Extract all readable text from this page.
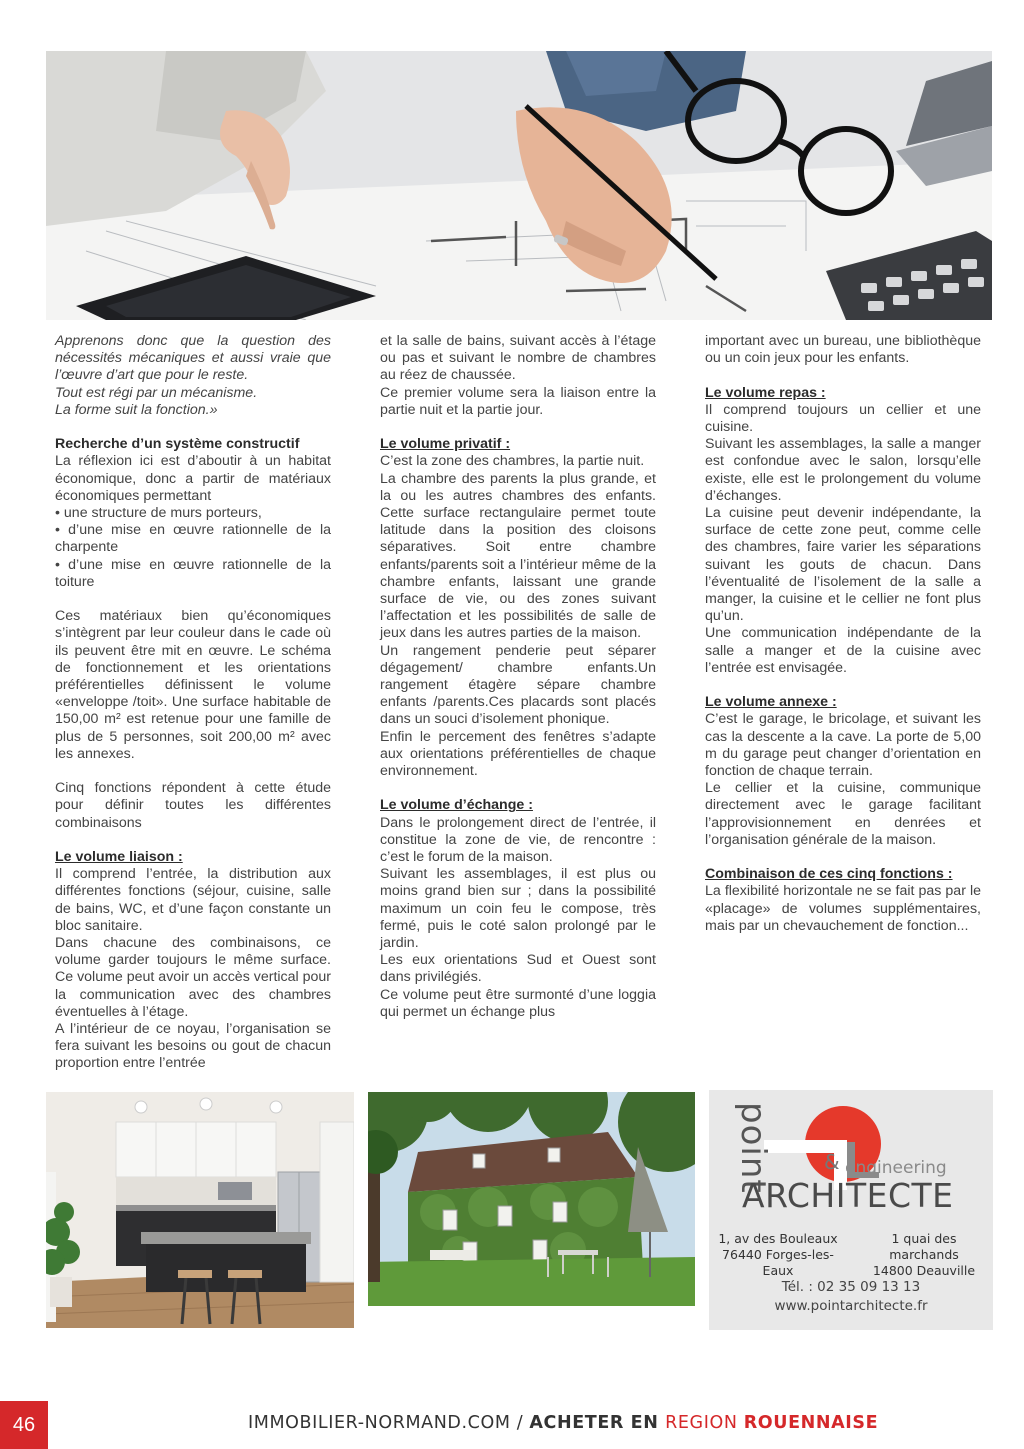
Apprenons donc que la question des nécessités mécaniques et aussi vraie que l’œuvre d’art que pour le reste.

Tout est régi par un mécanisme.

La forme suit la fonction.»

Recherche d’un système constructif

La réflexion ici est d’aboutir à un habitat économique, donc a partir de matériaux économiques permettant

• une structure de murs porteurs,

• d’une mise en œuvre rationnelle de la charpente

• d’une mise en œuvre rationnelle de la toiture

Ces matériaux bien qu’économiques s’intègrent par leur couleur dans le cade où ils peuvent être mit en œuvre. Le schéma de fonctionnement et les orientations préférentielles définissent le volume «enveloppe /toit». Une surface habitable de 150,00 m² est retenue pour une famille de plus de 5 personnes, soit 200,00 m² avec les annexes.

Cinq fonctions répondent à cette étude pour définir toutes les différentes combinaisons

Le volume liaison :

Il comprend l’entrée, la distribution aux différentes fonctions (séjour, cuisine, salle de bains, WC, et d’une façon constante un bloc sanitaire.

Dans chacune des combinaisons, ce volume garder toujours le même surface. Ce volume peut avoir un accès vertical pour la communication avec des chambres éventuelles à l’étage.

A l’intérieur de ce noyau, l’organisation se fera suivant les besoins ou gout de chacun proportion entre l’entrée

et la salle de bains, suivant accès à l’étage ou pas et suivant le nombre de chambres au réez de chaussée.

Ce premier volume sera la liaison entre la partie nuit et la partie jour.

Le volume privatif :

C’est la zone des chambres, la partie nuit.

La chambre des parents la plus grande, et la ou les autres chambres des enfants. Cette surface rectangulaire permet toute latitude dans la position des cloisons séparatives. Soit entre chambre enfants/parents soit a l’intérieur même de la chambre enfants, laissant une grande surface de vie, ou des zones suivant l’affectation et les possibilités de salle de jeux dans les autres parties de la maison.

Un rangement penderie peut séparer dégagement/ chambre enfants.Un rangement étagère sépare chambre enfants /parents.Ces placards sont placés dans un souci d’isolement phonique.

Enfin le percement des fenêtres s’adapte aux orientations préférentielles de chaque environnement.

Le volume d’échange :

Dans le prolongement direct de l’entrée, il constitue la zone de vie, de rencontre : c’est le forum de la maison.

Suivant les assemblages, il est plus ou moins grand bien sur ; dans la possibilité maximum un coin feu le compose, très fermé, puis le coté salon prolongé par le jardin.

Les eux orientations Sud et Ouest sont dans privilégiés.

Ce volume peut être surmonté d’une loggia qui permet un échange plus

important avec un bureau, une bibliothèque ou un coin jeux pour les enfants.

Le volume repas :

Il comprend toujours un cellier et une cuisine.

Suivant les assemblages, la salle a manger est confondue avec le salon, lorsqu’elle existe, elle est le prolongement du volume d’échanges.

La cuisine peut devenir indépendante, la surface de cette zone peut, comme celle des chambres, faire varier les séparations suivant les gouts de chacun. Dans l’éventualité de l’isolement de la salle a manger, la cuisine et le cellier ne font plus qu’un.

Une communication indépendante de la salle a manger et de la cuisine avec l’entrée est envisagée.

Le volume annexe :

C’est le garage, le bricolage, et suivant les cas la descente a la cave. La porte de 5,00 m du garage peut changer d’orientation en fonction de chaque terrain.

Le cellier et la cuisine, communique directement avec le garage facilitant l’approvisionnement en denrées et l’organisation générale de la maison.

Combinaison de ces cinq fonctions :

La flexibilité horizontale ne se fait pas par le «placage» de volumes supplémentaires, mais par un chevauchement de fonction...

point	& engineering
ARCHITECTE
1, av des Bouleaux
76440 Forges-les-Eaux
1 quai des marchands
14800 Deauville
Tél. : 02 35 09 13 13
www.pointarchitecte.fr
46	IMMOBILIER-NORMAND.COM / ACHETER EN REGION ROUENNAISE
